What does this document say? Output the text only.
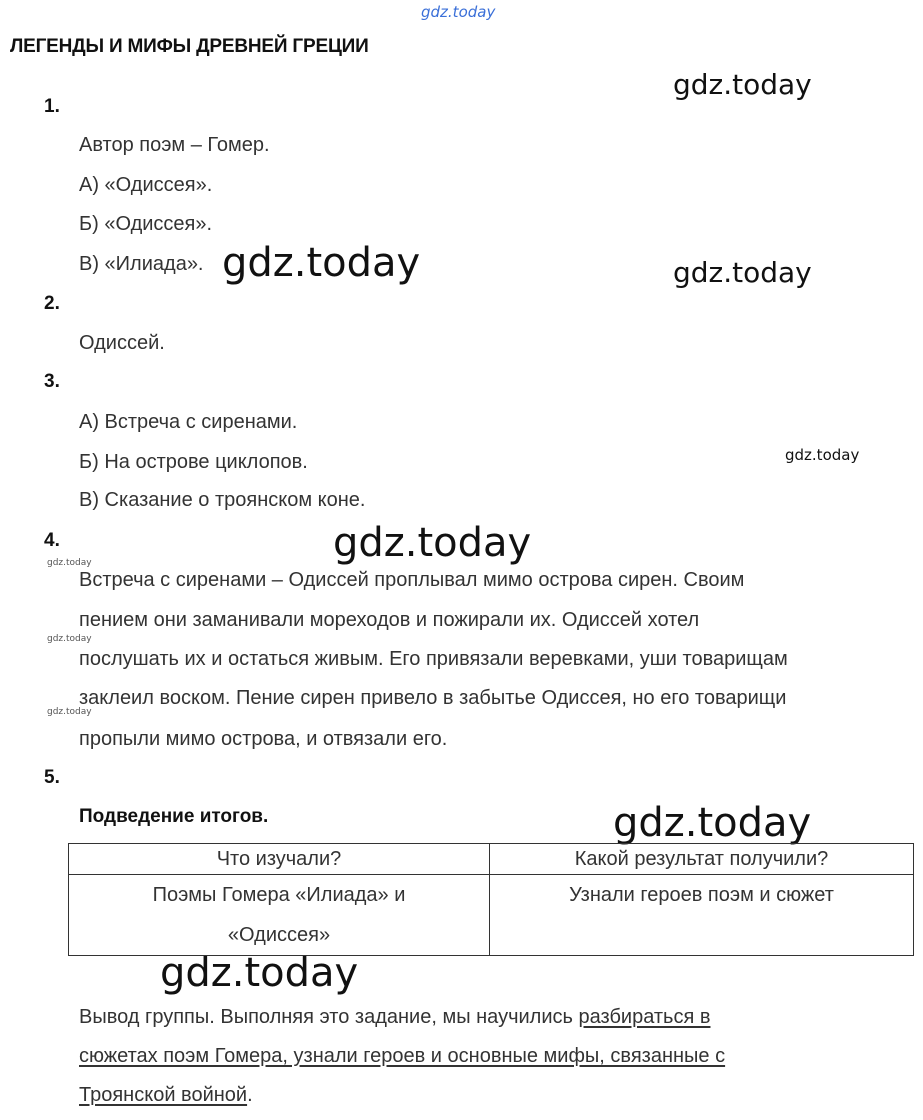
gdz.today
gdz.today
gdz.today	gdz.today
gdz.today
gdz.today
gdz.today
gdz.today
gdz.today
gdz.today
gdz.today
ЛЕГЕНДЫ И МИФЫ ДРЕВНЕЙ ГРЕЦИИ
1.
Автор поэм – Гомер.
А) «Одиссея».
Б) «Одиссея».
В) «Илиада».
2.
Одиссей.
3.
А) Встреча с сиренами.
Б) На острове циклопов.
В) Сказание о троянском коне.
4.
Встреча с сиренами – Одиссей проплывал мимо острова сирен. Своим
пением они заманивали мореходов и пожирали их. Одиссей хотел
послушать их и остаться живым. Его привязали веревками, уши товарищам
заклеил воском. Пение сирен привело в забытье Одиссея, но его товарищи
пропыли мимо острова, и отвязали его.
5.
Подведение итогов.
Что изучали?	Какой результат получили?
Поэмы Гомера «Илиада» и «Одиссея»	Узнали героев поэм и сюжет
Вывод группы. Выполняя это задание, мы научились разбираться в
сюжетах поэм Гомера, узнали героев и основные мифы, связанные с
Троянской войной.
